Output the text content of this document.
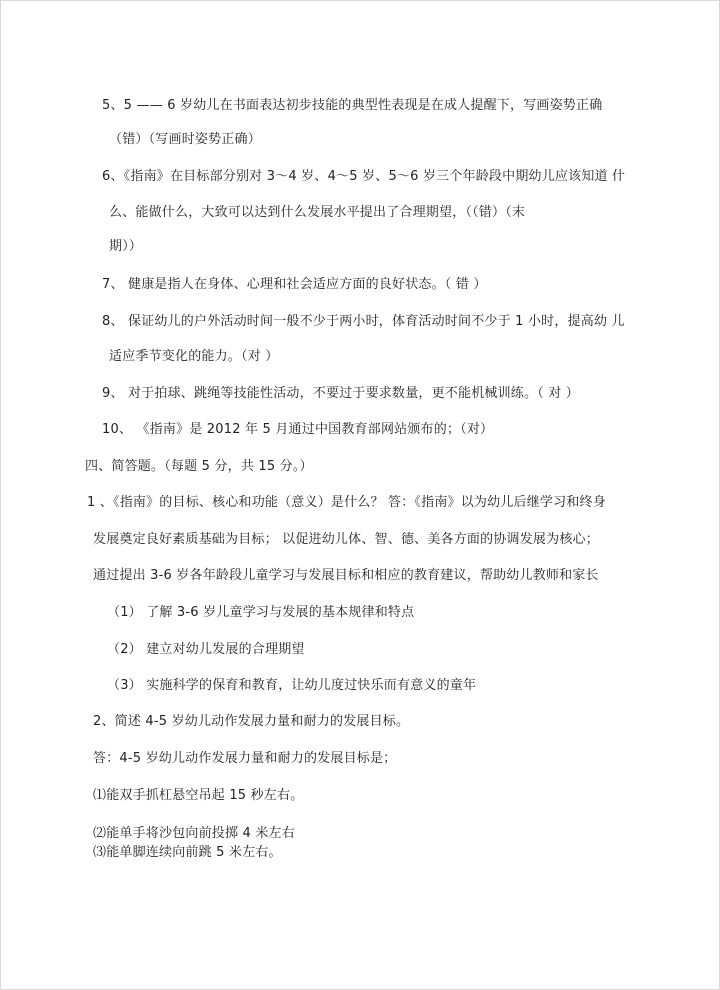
5、5 —— 6 岁幼儿在书面表达初步技能的典型性表现是在成人提醒下，写画姿势正确
（错）（写画时姿势正确）
6、《指南》在目标部分别对 3～4 岁、4～5 岁、5～6 岁三个年龄段中期幼儿应该知道 什
么、能做什么，大致可以达到什么发展水平提出了合理期望，（（错）（末
期））
7、 健康是指人在身体、心理和社会适应方面的良好状态。（ 错 ）
8、 保证幼儿的户外活动时间一般不少于两小时，体育活动时间不少于 1 小时，提高幼 儿
适应季节变化的能力。（对 ）
9、 对于拍球、跳绳等技能性活动，不要过于要求数量，更不能机械训练。（ 对 ）
10、 《指南》是 2012 年 5 月通过中国教育部网站颁布的；（对）
四、简答题。（每题 5 分，共 15 分。）
1 、《指南》的目标、核心和功能（意义）是什么？ 答：《指南》以为幼儿后继学习和终身
发展奠定良好素质基础为目标； 以促进幼儿体、智、德、美各方面的协调发展为核心；
通过提出 3-6 岁各年龄段儿童学习与发展目标和相应的教育建议，帮助幼儿教师和家长
（1） 了解 3-6 岁儿童学习与发展的基本规律和特点
（2） 建立对幼儿发展的合理期望
（3） 实施科学的保育和教育，让幼儿度过快乐而有意义的童年
2、简述 4-5 岁幼儿动作发展力量和耐力的发展目标。
答：4-5 岁幼儿动作发展力量和耐力的发展目标是；
⑴能双手抓杠悬空吊起 15 秒左右。
⑵能单手将沙包向前投掷 4 米左右
⑶能单脚连续向前跳 5 米左右。
